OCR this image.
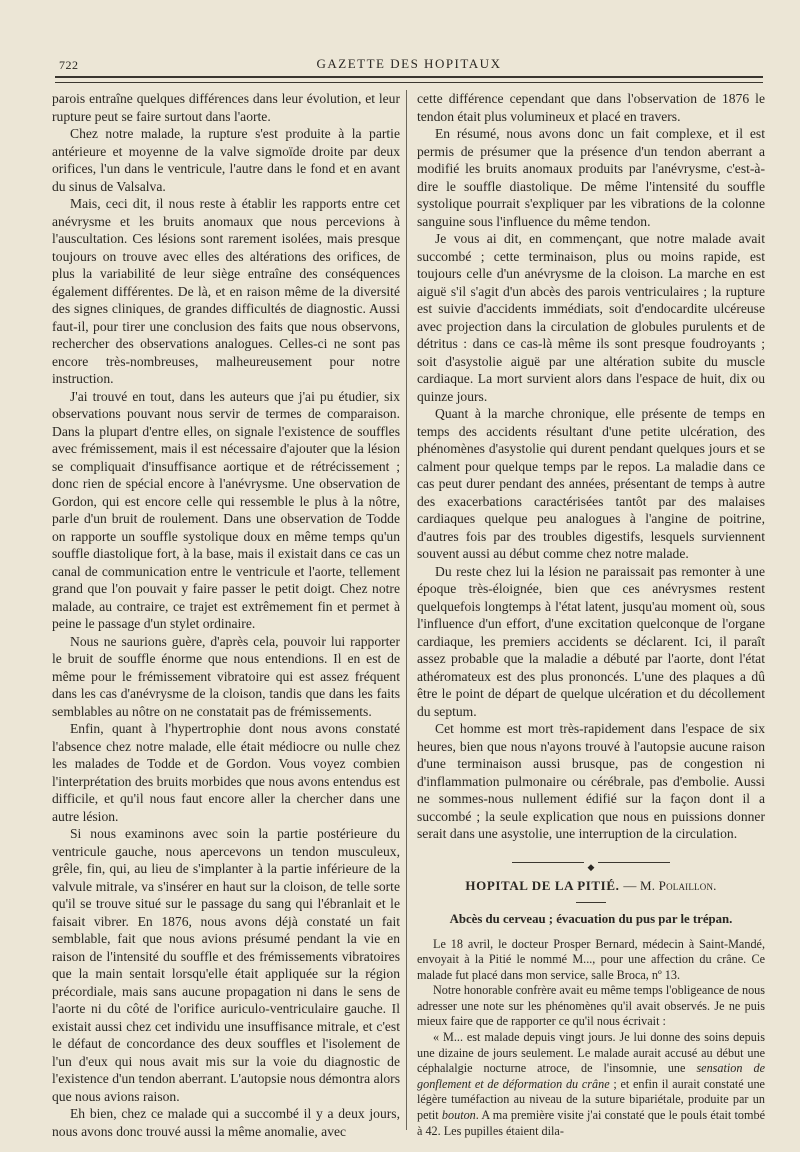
722	GAZETTE DES HOPITAUX

parois entraîne quelques différences dans leur évolution, et leur rupture peut se faire surtout dans l'aorte.

Chez notre malade, la rupture s'est produite à la partie antérieure et moyenne de la valve sigmoïde droite par deux orifices, l'un dans le ventricule, l'autre dans le fond et en avant du sinus de Valsalva.

Mais, ceci dit, il nous reste à établir les rapports entre cet anévrysme et les bruits anomaux que nous percevions à l'auscultation. Ces lésions sont rarement isolées, mais presque toujours on trouve avec elles des altérations des orifices, de plus la variabilité de leur siège entraîne des conséquences également différentes. De là, et en raison même de la diversité des signes cliniques, de grandes difficultés de diagnostic. Aussi faut-il, pour tirer une conclusion des faits que nous observons, rechercher des observations analogues. Celles-ci ne sont pas encore très-nombreuses, malheureusement pour notre instruction.

J'ai trouvé en tout, dans les auteurs que j'ai pu étudier, six observations pouvant nous servir de termes de comparaison. Dans la plupart d'entre elles, on signale l'existence de souffles avec frémissement, mais il est nécessaire d'ajouter que la lésion se compliquait d'insuffisance aortique et de rétrécissement ; donc rien de spécial encore à l'anévrysme. Une observation de Gordon, qui est encore celle qui ressemble le plus à la nôtre, parle d'un bruit de roulement. Dans une observation de Todde on rapporte un souffle systolique doux en même temps qu'un souffle diastolique fort, à la base, mais il existait dans ce cas un canal de communication entre le ventricule et l'aorte, tellement grand que l'on pouvait y faire passer le petit doigt. Chez notre malade, au contraire, ce trajet est extrêmement fin et permet à peine le passage d'un stylet ordinaire.

Nous ne saurions guère, d'après cela, pouvoir lui rapporter le bruit de souffle énorme que nous entendions. Il en est de même pour le frémissement vibratoire qui est assez fréquent dans les cas d'anévrysme de la cloison, tandis que dans les faits semblables au nôtre on ne constatait pas de frémissements.

Enfin, quant à l'hypertrophie dont nous avons constaté l'absence chez notre malade, elle était médiocre ou nulle chez les malades de Todde et de Gordon. Vous voyez combien l'interprétation des bruits morbides que nous avons entendus est difficile, et qu'il nous faut encore aller la chercher dans une autre lésion.

Si nous examinons avec soin la partie postérieure du ventricule gauche, nous apercevons un tendon musculeux, grêle, fin, qui, au lieu de s'implanter à la partie inférieure de la valvule mitrale, va s'insérer en haut sur la cloison, de telle sorte qu'il se trouve situé sur le passage du sang qui l'ébranlait et le faisait vibrer. En 1876, nous avons déjà constaté un fait semblable, fait que nous avions présumé pendant la vie en raison de l'intensité du souffle et des frémissements vibratoires que la main sentait lorsqu'elle était appliquée sur la région précordiale, mais sans aucune propagation ni dans le sens de l'aorte ni du côté de l'orifice auriculo-ventriculaire gauche. Il existait aussi chez cet individu une insuffisance mitrale, et c'est le défaut de concordance des deux souffles et l'isolement de l'un d'eux qui nous avait mis sur la voie du diagnostic de l'existence d'un tendon aberrant. L'autopsie nous démontra alors que nous avions raison.

Eh bien, chez ce malade qui a succombé il y a deux jours, nous avons donc trouvé aussi la même anomalie, avec

cette différence cependant que dans l'observation de 1876 le tendon était plus volumineux et placé en travers.

En résumé, nous avons donc un fait complexe, et il est permis de présumer que la présence d'un tendon aberrant a modifié les bruits anomaux produits par l'anévrysme, c'est-à-dire le souffle diastolique. De même l'intensité du souffle systolique pourrait s'expliquer par les vibrations de la colonne sanguine sous l'influence du même tendon.

Je vous ai dit, en commençant, que notre malade avait succombé ; cette terminaison, plus ou moins rapide, est toujours celle d'un anévrysme de la cloison. La marche en est aiguë s'il s'agit d'un abcès des parois ventriculaires ; la rupture est suivie d'accidents immédiats, soit d'endocardite ulcéreuse avec projection dans la circulation de globules purulents et de détritus : dans ce cas-là même ils sont presque foudroyants ; soit d'asystolie aiguë par une altération subite du muscle cardiaque. La mort survient alors dans l'espace de huit, dix ou quinze jours.

Quant à la marche chronique, elle présente de temps en temps des accidents résultant d'une petite ulcération, des phénomènes d'asystolie qui durent pendant quelques jours et se calment pour quelque temps par le repos. La maladie dans ce cas peut durer pendant des années, présentant de temps à autre des exacerbations caractérisées tantôt par des malaises cardiaques quelque peu analogues à l'angine de poitrine, d'autres fois par des troubles digestifs, lesquels surviennent souvent aussi au début comme chez notre malade.

Du reste chez lui la lésion ne paraissait pas remonter à une époque très-éloignée, bien que ces anévrysmes restent quelquefois longtemps à l'état latent, jusqu'au moment où, sous l'influence d'un effort, d'une excitation quelconque de l'organe cardiaque, les premiers accidents se déclarent. Ici, il paraît assez probable que la maladie a débuté par l'aorte, dont l'état athéromateux est des plus prononcés. L'une des plaques a dû être le point de départ de quelque ulcération et du décollement du septum.

Cet homme est mort très-rapidement dans l'espace de six heures, bien que nous n'ayons trouvé à l'autopsie aucune raison d'une terminaison aussi brusque, pas de congestion ni d'inflammation pulmonaire ou cérébrale, pas d'embolie. Aussi ne sommes-nous nullement édifié sur la façon dont il a succombé ; la seule explication que nous en puissions donner serait dans une asystolie, une interruption de la circulation.

◆
HOPITAL DE LA PITIÉ. — M. Polaillon.
Abcès du cerveau ; évacuation du pus par le trépan.

Le 18 avril, le docteur Prosper Bernard, médecin à Saint-Mandé, envoyait à la Pitié le nommé M..., pour une affection du crâne. Ce malade fut placé dans mon service, salle Broca, nº 13.

Notre honorable confrère avait eu même temps l'obligeance de nous adresser une note sur les phénomènes qu'il avait observés. Je ne puis mieux faire que de rapporter ce qu'il nous écrivait :

« M... est malade depuis vingt jours. Je lui donne des soins depuis une dizaine de jours seulement. Le malade aurait accusé au début une céphalalgie nocturne atroce, de l'insomnie, une sensation de gonflement et de déformation du crâne ; et enfin il aurait constaté une légère tuméfaction au niveau de la suture bipariétale, produite par un petit bouton. A ma première visite j'ai constaté que le pouls était tombé à 42. Les pupilles étaient dila-
